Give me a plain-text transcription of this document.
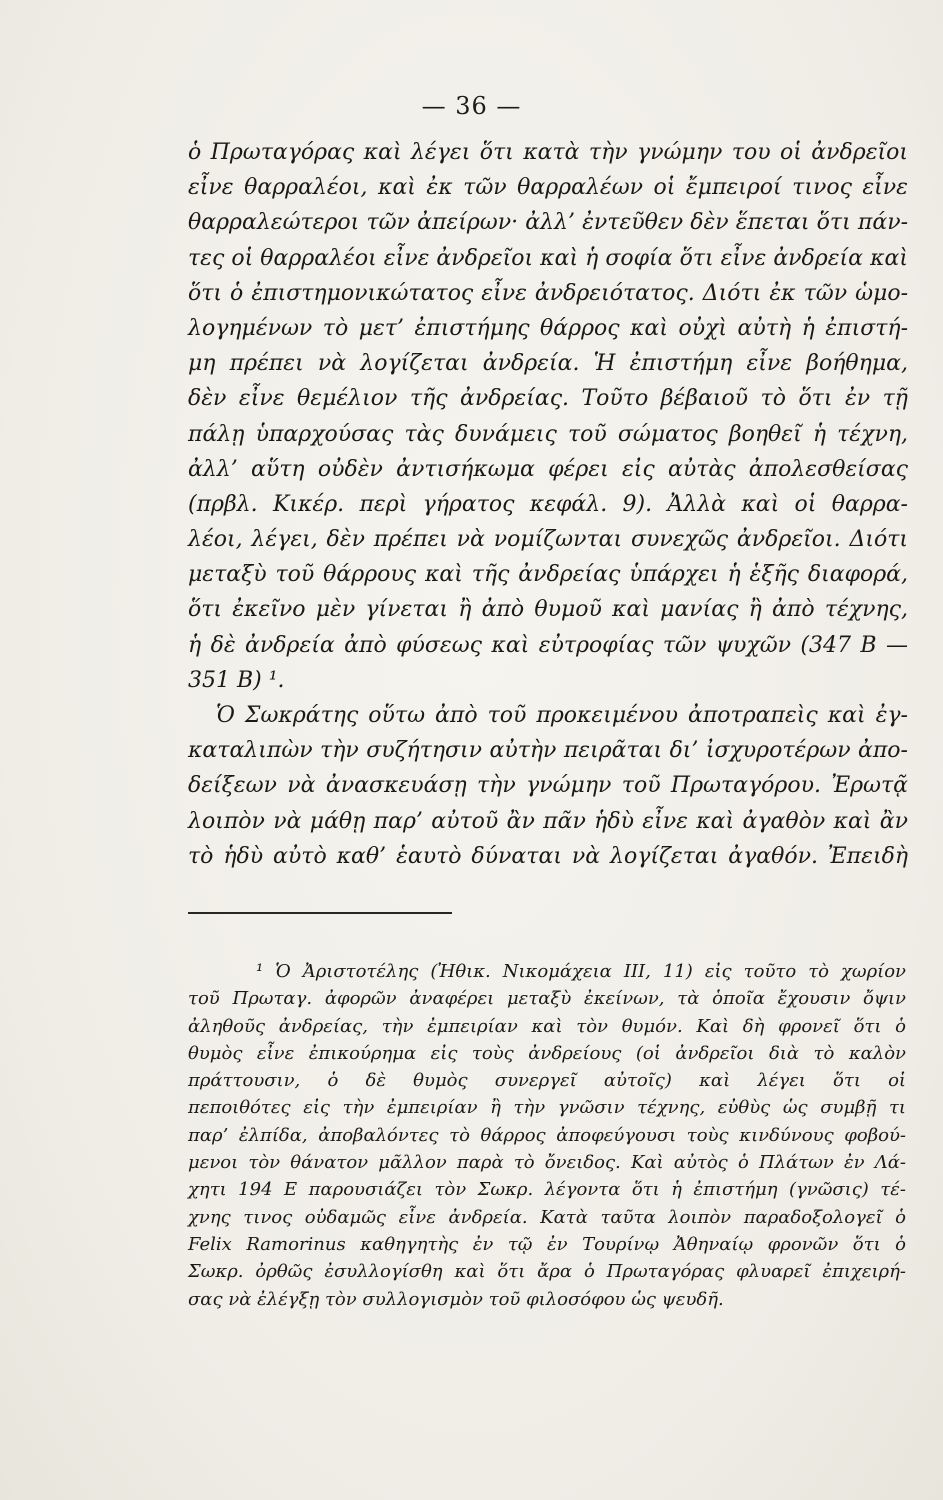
— 36 —
ὁ Πρωταγόρας καὶ λέγει ὅτι κατὰ τὴν γνώμην του οἱ ἀνδρεῖοι
εἶνε θαρραλέοι, καὶ ἐκ τῶν θαρραλέων οἱ ἔμπειροί τινος εἶνε
θαρραλεώτεροι τῶν ἀπείρων· ἀλλ’ ἐντεῦθεν δὲν ἕπεται ὅτι πάν-
τες οἱ θαρραλέοι εἶνε ἀνδρεῖοι καὶ ἡ σοφία ὅτι εἶνε ἀνδρεία καὶ
ὅτι ὁ ἐπιστημονικώτατος εἶνε ἀνδρειότατος. Διότι ἐκ τῶν ὡμο-
λογημένων τὸ μετ’ ἐπιστήμης θάρρος καὶ οὐχὶ αὐτὴ ἡ ἐπιστή-
μη πρέπει νὰ λογίζεται ἀνδρεία. Ἡ ἐπιστήμη εἶνε βοήθημα,
δὲν εἶνε θεμέλιον τῆς ἀνδρείας. Τοῦτο βέβαιοῦ τὸ ὅτι ἐν τῇ
πάλῃ ὑπαρχούσας τὰς δυνάμεις τοῦ σώματος βοηθεῖ ἡ τέχνη,
ἀλλ’ αὕτη οὐδὲν ἀντισήκωμα φέρει εἰς αὐτὰς ἀπολεσθείσας
(πρβλ. Κικέρ. περὶ γήρατος κεφάλ. 9). Ἀλλὰ καὶ οἱ θαρρα-
λέοι, λέγει, δὲν πρέπει νὰ νομίζωνται συνεχῶς ἀνδρεῖοι. Διότι
μεταξὺ τοῦ θάρρους καὶ τῆς ἀνδρείας ὑπάρχει ἡ ἑξῆς διαφορά,
ὅτι ἐκεῖνο μὲν γίνεται ἢ ἀπὸ θυμοῦ καὶ μανίας ἢ ἀπὸ τέχνης,
ἡ δὲ ἀνδρεία ἀπὸ φύσεως καὶ εὐτροφίας τῶν ψυχῶν (347 B —
351 B) ¹.
Ὁ Σωκράτης οὕτω ἀπὸ τοῦ προκειμένου ἀποτραπεὶς καὶ ἐγ-
καταλιπὼν τὴν συζήτησιν αὐτὴν πειρᾶται δι’ ἰσχυροτέρων ἀπο-
δείξεων νὰ ἀνασκευάσῃ τὴν γνώμην τοῦ Πρωταγόρου. Ἐρωτᾷ
λοιπὸν νὰ μάθῃ παρ’ αὐτοῦ ἂν πᾶν ἡδὺ εἶνε καὶ ἀγαθὸν καὶ ἂν
τὸ ἡδὺ αὐτὸ καθ’ ἑαυτὸ δύναται νὰ λογίζεται ἀγαθόν. Ἐπειδὴ
¹ Ὁ Ἀριστοτέλης (Ἠθικ. Νικομάχεια III, 11) εἰς τοῦτο τὸ χωρίον
τοῦ Πρωταγ. ἀφορῶν ἀναφέρει μεταξὺ ἐκείνων, τὰ ὁποῖα ἔχουσιν ὄψιν
ἀληθοῦς ἀνδρείας, τὴν ἐμπειρίαν καὶ τὸν θυμόν. Καὶ δὴ φρονεῖ ὅτι ὁ
θυμὸς εἶνε ἐπικούρημα εἰς τοὺς ἀνδρείους (οἱ ἀνδρεῖοι διὰ τὸ καλὸν
πράττουσιν, ὁ δὲ θυμὸς συνεργεῖ αὐτοῖς) καὶ λέγει ὅτι οἱ
πεποιθότες εἰς τὴν ἐμπειρίαν ἢ τὴν γνῶσιν τέχνης, εὐθὺς ὡς συμβῇ τι
παρ’ ἐλπίδα, ἀποβαλόντες τὸ θάρρος ἀποφεύγουσι τοὺς κινδύνους φοβού-
μενοι τὸν θάνατον μᾶλλον παρὰ τὸ ὄνειδος. Καὶ αὐτὸς ὁ Πλάτων ἐν Λά-
χητι 194 E παρουσιάζει τὸν Σωκρ. λέγοντα ὅτι ἡ ἐπιστήμη (γνῶσις) τέ-
χνης τινος οὐδαμῶς εἶνε ἀνδρεία. Κατὰ ταῦτα λοιπὸν παραδοξολογεῖ ὁ
Felix Ramorinus καθηγητὴς ἐν τῷ ἐν Τουρίνῳ Ἀθηναίῳ φρονῶν ὅτι ὁ
Σωκρ. ὀρθῶς ἐσυλλογίσθη καὶ ὅτι ἄρα ὁ Πρωταγόρας φλυαρεῖ ἐπιχειρή-
σας νὰ ἐλέγξῃ τὸν συλλογισμὸν τοῦ φιλοσόφου ὡς ψευδῆ.
